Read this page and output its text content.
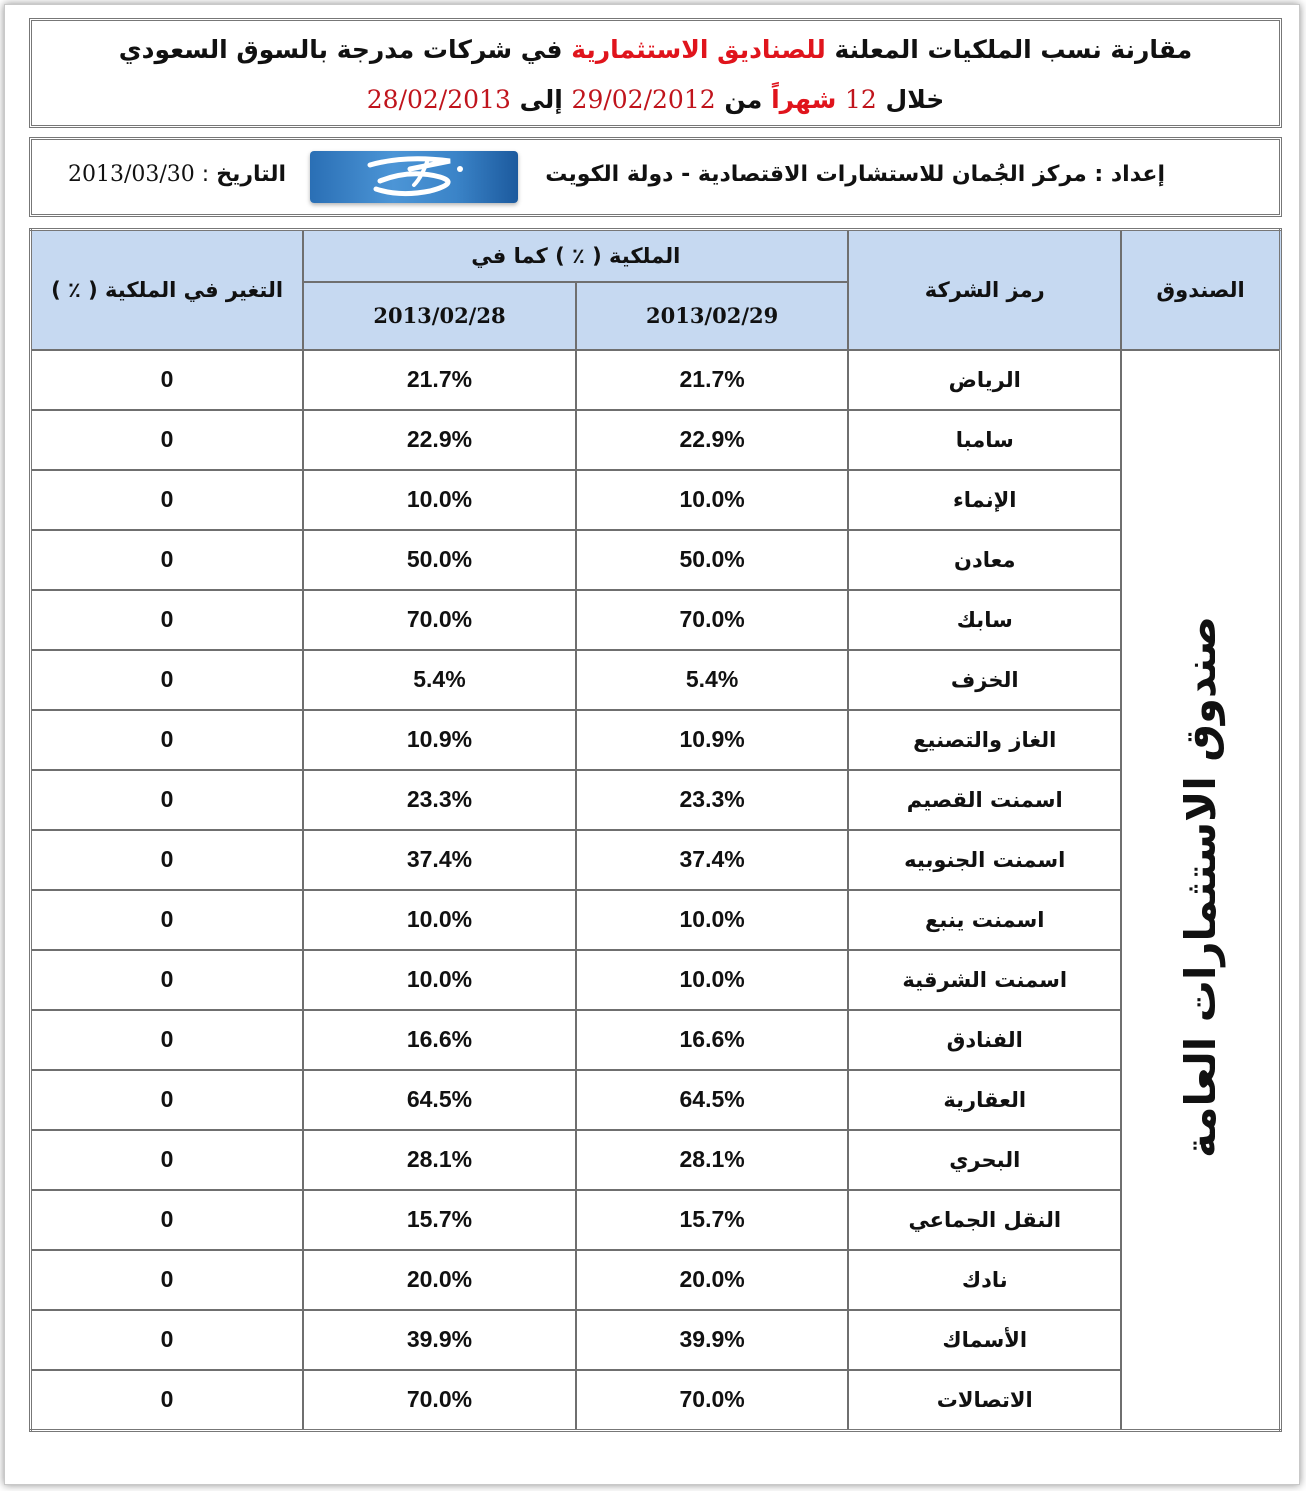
مقارنة نسب الملكيات المعلنة للصناديق الاستثمارية في شركات مدرجة بالسوق السعودي
خلال 12 شهراً من 29/02/2012 إلى 28/02/2013
إعداد : مركز الجُمان للاستشارات الاقتصادية - دولة الكويت
التاريخ : 2013/03/30
التغير في الملكية ( ٪ )	الملكية ( ٪ ) كما في		رمز الشركة	الصندوق
	2013/02/28	2013/02/29		
0	21.7%	21.7%	الرياض	صندوق الاستثمارات العامة
0	22.9%	22.9%	سامبا	
0	10.0%	10.0%	الإنماء	
0	50.0%	50.0%	معادن	
0	70.0%	70.0%	سابك	
0	5.4%	5.4%	الخزف	
0	10.9%	10.9%	الغاز والتصنيع	
0	23.3%	23.3%	اسمنت القصيم	
0	37.4%	37.4%	اسمنت الجنوبيه	
0	10.0%	10.0%	اسمنت ينبع	
0	10.0%	10.0%	اسمنت الشرقية	
0	16.6%	16.6%	الفنادق	
0	64.5%	64.5%	العقارية	
0	28.1%	28.1%	البحري	
0	15.7%	15.7%	النقل الجماعي	
0	20.0%	20.0%	نادك	
0	39.9%	39.9%	الأسماك	
0	70.0%	70.0%	الاتصالات	
